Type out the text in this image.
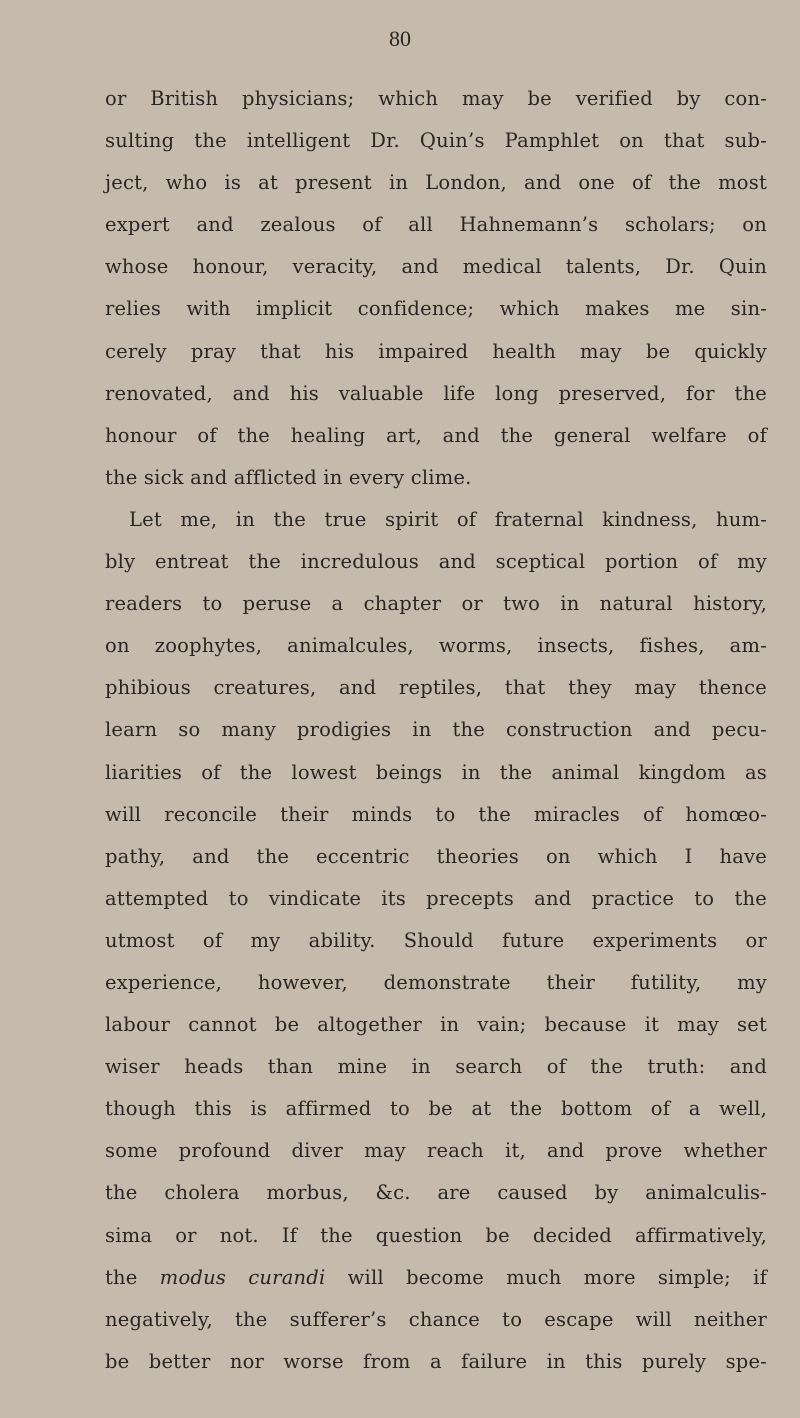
80
or British physicians; which may be verified by con-
sulting the intelligent Dr. Quin’s Pamphlet on that sub-
ject, who is at present in London, and one of the most
expert and zealous of all Hahnemann’s scholars; on
whose honour, veracity, and medical talents, Dr. Quin
relies with implicit confidence; which makes me sin-
cerely pray that his impaired health may be quickly
renovated, and his valuable life long preserved, for the
honour of the healing art, and the general welfare of
the sick and afflicted in every clime.
Let me, in the true spirit of fraternal kindness, hum-
bly entreat the incredulous and sceptical portion of my
readers to peruse a chapter or two in natural history,
on zoophytes, animalcules, worms, insects, fishes, am-
phibious creatures, and reptiles, that they may thence
learn so many prodigies in the construction and pecu-
liarities of the lowest beings in the animal kingdom as
will reconcile their minds to the miracles of homœo-
pathy, and the eccentric theories on which I have
attempted to vindicate its precepts and practice to the
utmost of my ability. Should future experiments or
experience, however, demonstrate their futility, my
labour cannot be altogether in vain; because it may set
wiser heads than mine in search of the truth: and
though this is affirmed to be at the bottom of a well,
some profound diver may reach it, and prove whether
the cholera morbus, &c. are caused by animalculis-
sima or not. If the question be decided affirmatively,
the modus curandi will become much more simple; if
negatively, the sufferer’s chance to escape will neither
be better nor worse from a failure in this purely spe-
